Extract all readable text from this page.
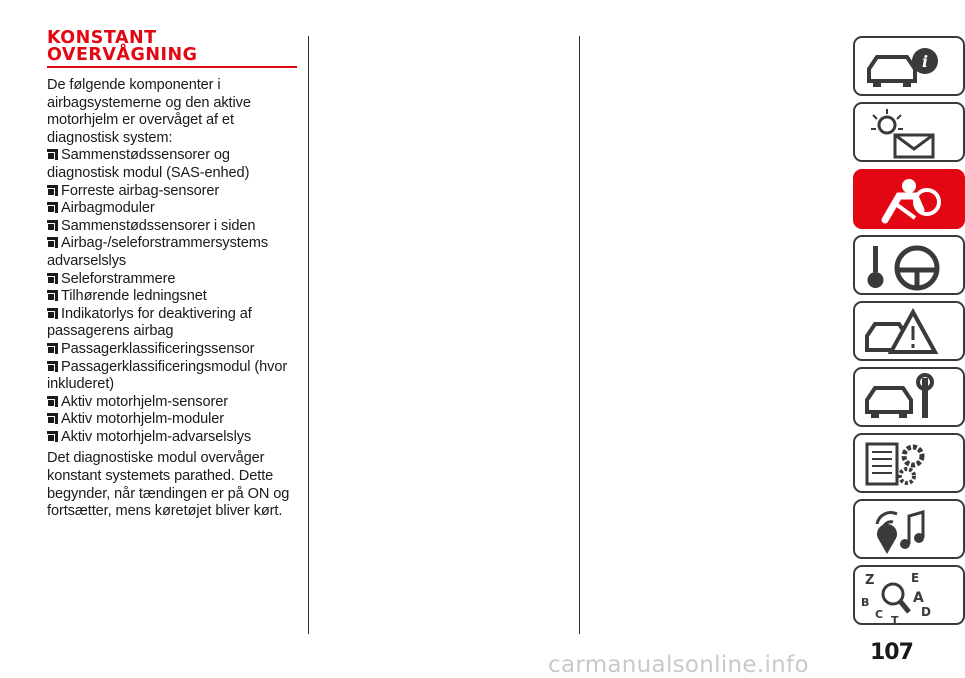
KONSTANT
OVERVÅGNING

De følgende komponenter i airbagsystemerne og den aktive motorhjelm er overvåget af et diagnostisk system:

Sammenstødssensorer og diagnostisk modul (SAS-enhed)
Forreste airbag-sensorer
Airbagmoduler
Sammenstødssensorer i siden
Airbag-/seleforstrammersystems advarselslys
Seleforstrammere
Tilhørende ledningsnet
Indikatorlys for deaktivering af passagerens airbag
Passagerklassificeringssensor
Passagerklassificeringsmodul (hvor inkluderet)
Aktiv motorhjelm-sensorer
Aktiv motorhjelm-moduler
Aktiv motorhjelm-advarselslys

Det diagnostiske modul overvåger konstant systemets parathed. Dette begynder, når tændingen er på ON og fortsætter, mens køretøjet bliver kørt.

i
Z	E
B	A
C	D
T
107
carmanualsonline.info
